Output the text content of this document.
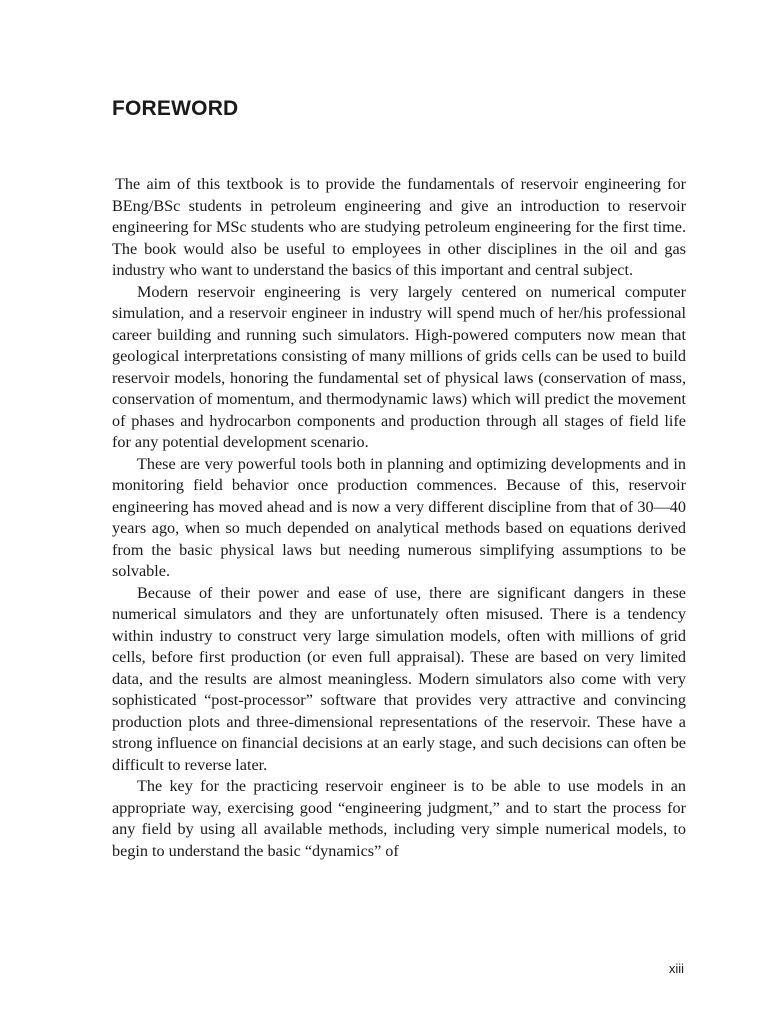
FOREWORD

The aim of this textbook is to provide the fundamentals of reservoir engineering for BEng/BSc students in petroleum engineering and give an introduction to reservoir engineering for MSc students who are studying petroleum engineering for the first time. The book would also be useful to employees in other disciplines in the oil and gas industry who want to understand the basics of this important and central subject.

Modern reservoir engineering is very largely centered on numerical computer simulation, and a reservoir engineer in industry will spend much of her/his professional career building and running such simulators. High-powered computers now mean that geological interpretations consisting of many millions of grids cells can be used to build reservoir models, honoring the fundamental set of physical laws (conservation of mass, conservation of momentum, and thermodynamic laws) which will predict the movement of phases and hydrocarbon components and production through all stages of field life for any potential development scenario.

These are very powerful tools both in planning and optimizing developments and in monitoring field behavior once production commences. Because of this, reservoir engineering has moved ahead and is now a very different discipline from that of 30—40 years ago, when so much depended on analytical methods based on equations derived from the basic physical laws but needing numerous simplifying assumptions to be solvable.

Because of their power and ease of use, there are significant dangers in these numerical simulators and they are unfortunately often misused. There is a tendency within industry to construct very large simulation models, often with millions of grid cells, before first production (or even full appraisal). These are based on very limited data, and the results are almost meaningless. Modern simulators also come with very sophisticated “post-processor” software that provides very attractive and convincing production plots and three-dimensional representations of the reservoir. These have a strong influence on financial decisions at an early stage, and such decisions can often be difficult to reverse later.

The key for the practicing reservoir engineer is to be able to use models in an appropriate way, exercising good “engineering judgment,” and to start the process for any field by using all available methods, including very simple numerical models, to begin to understand the basic “dynamics” of

xiii
